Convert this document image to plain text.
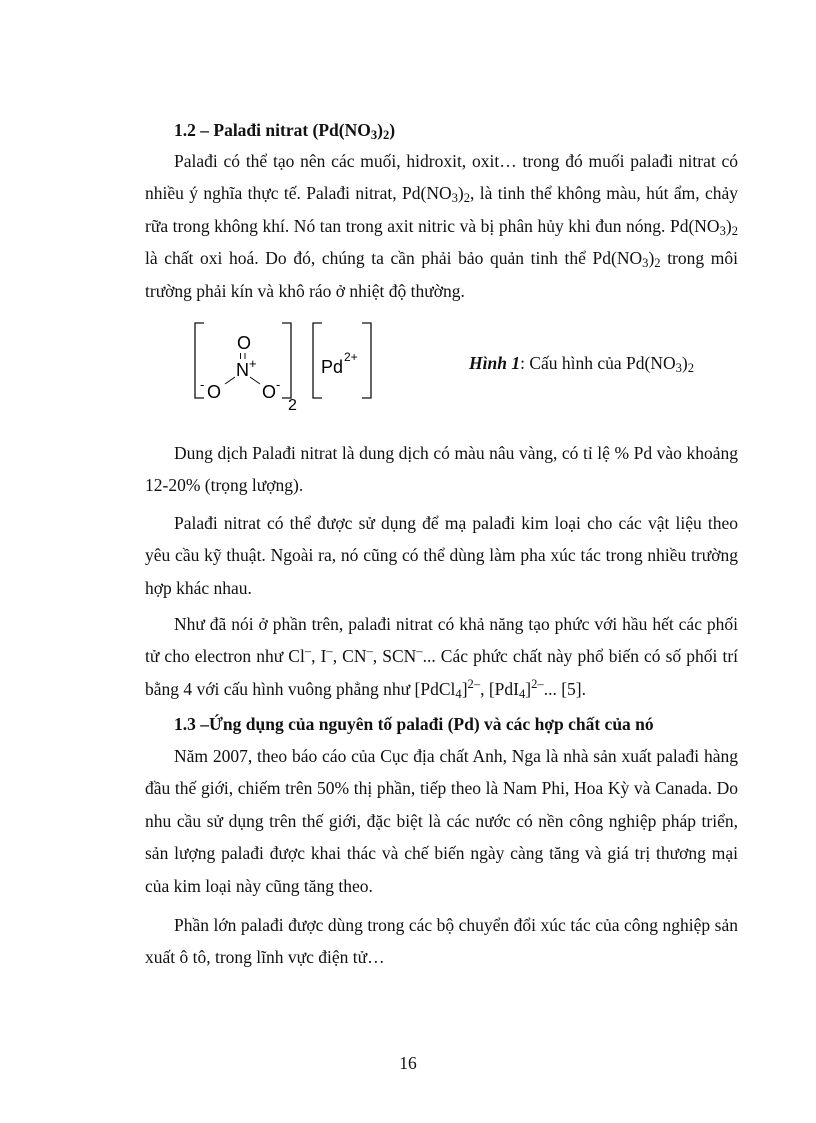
1.2 – Palađi nitrat $(Pd(NO_3)_2)$

Palađi có thể tạo nên các muối, hidroxit, oxit… trong đó muối palađi nitrat có nhiều ý nghĩa thực tế. Palađi nitrat, $Pd(NO_3)_2$, là tinh thể không màu, hút ẩm, chảy rữa trong không khí. Nó tan trong axit nitric và bị phân hủy khi đun nóng. $Pd(NO_3)_2$ là chất oxi hoá. Do đó, chúng ta cần phải bảo quản tinh thể $Pd(NO_3)_2$ trong môi trường phải kín và khô ráo ở nhiệt độ thường.

2
O
N +
- O O -
Pd 2+	Hình 1: Cấu hình của $Pd(NO_3)_2$

Dung dịch Palađi nitrat là dung dịch có màu nâu vàng, có tỉ lệ % Pd vào khoảng 12-20% (trọng lượng).

Palađi nitrat có thể được sử dụng để mạ palađi kim loại cho các vật liệu theo yêu cầu kỹ thuật. Ngoài ra, nó cũng có thể dùng làm pha xúc tác trong nhiều trường hợp khác nhau.

Như đã nói ở phần trên, palađi nitrat có khả năng tạo phức với hầu hết các phối tử cho electron như Cl–, I–, CN–, SCN–... Các phức chất này phổ biến có số phối trí bằng 4 với cấu hình vuông phẳng như [PdCl$_4$]$^{2-}$, $[PdI_4]^{2-}$... [5].

1.3 –Ứng dụng của nguyên tố palađi (Pd) và các hợp chất của nó

Năm 2007, theo báo cáo của Cục địa chất Anh, Nga là nhà sản xuất palađi hàng đầu thế giới, chiếm trên 50% thị phần, tiếp theo là Nam Phi, Hoa Kỳ và Canada. Do nhu cầu sử dụng trên thế giới, đặc biệt là các nước có nền công nghiệp pháp triển, sản lượng palađi được khai thác và chế biến ngày càng tăng và giá trị thương mại của kim loại này cũng tăng theo.

Phần lớn palađi được dùng trong các bộ chuyển đổi xúc tác của công nghiệp sản xuất ô tô, trong lĩnh vực điện tử…

16
